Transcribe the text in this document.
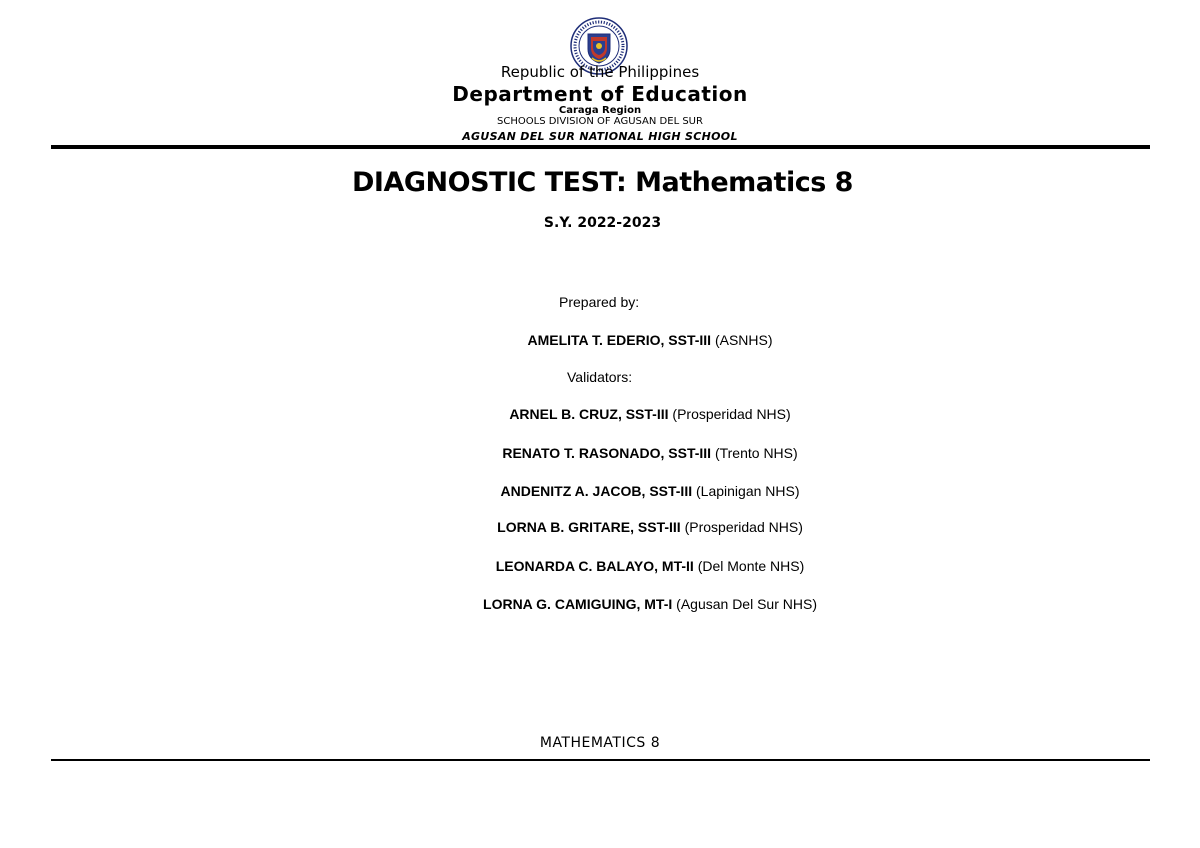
Republic of the Philippines
Department of Education
Caraga Region
SCHOOLS DIVISION OF AGUSAN DEL SUR
AGUSAN DEL SUR NATIONAL HIGH SCHOOL
DIAGNOSTIC TEST: Mathematics 8
S.Y. 2022-2023
Prepared by:
AMELITA T. EDERIO, SST-III (ASNHS)
Validators:
ARNEL B. CRUZ, SST-III (Prosperidad NHS)
RENATO T. RASONADO, SST-III (Trento NHS)
ANDENITZ A. JACOB, SST-III (Lapinigan NHS)
LORNA B. GRITARE, SST-III (Prosperidad NHS)
LEONARDA C. BALAYO, MT-II (Del Monte NHS)
LORNA G. CAMIGUING, MT-I (Agusan Del Sur NHS)
MATHEMATICS 8
